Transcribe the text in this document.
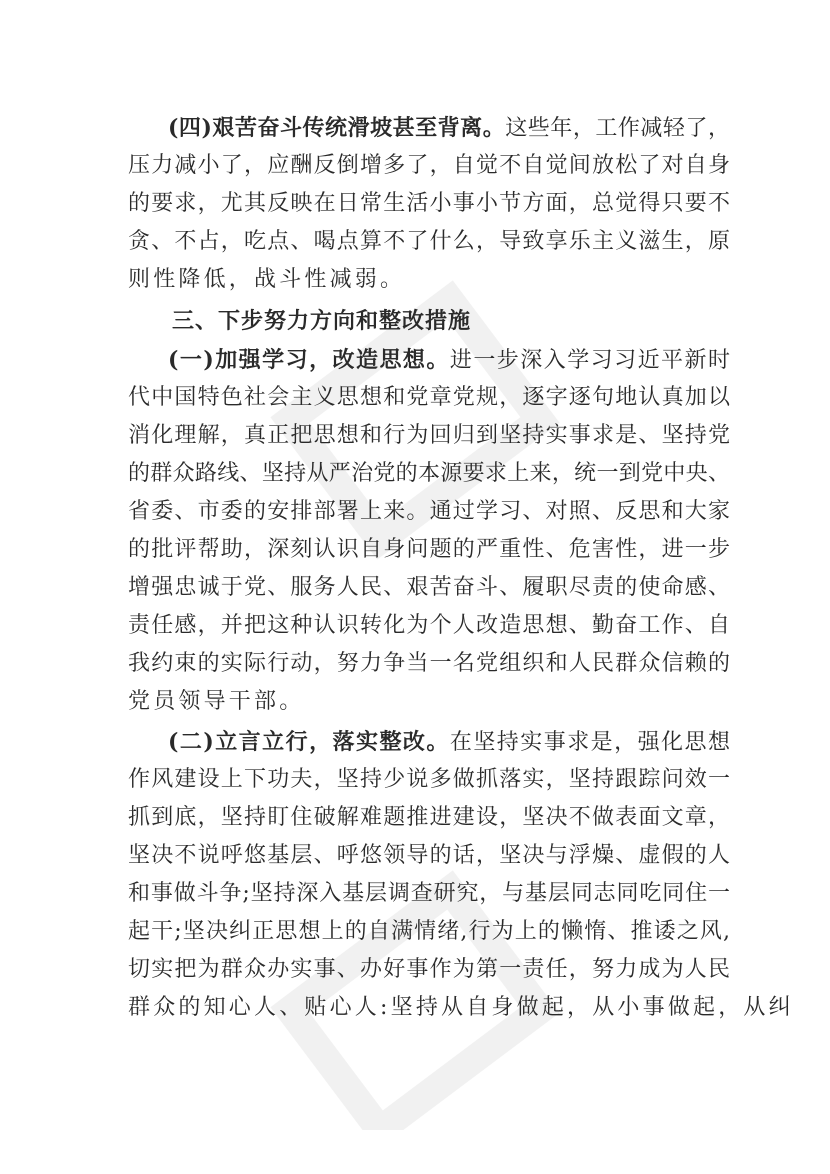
(四)艰苦奋斗传统滑坡甚至背离。这些年，工作减轻了，
压力减小了，应酬反倒增多了，自觉不自觉间放松了对自身
的要求，尤其反映在日常生活小事小节方面，总觉得只要不
贪、不占，吃点、喝点算不了什么，导致享乐主义滋生，原
则性降低，战斗性减弱。
(一)加强学习，改造思想。进一步深入学习习近平新时
代中国特色社会主义思想和党章党规，逐字逐句地认真加以
消化理解，真正把思想和行为回归到坚持实事求是、坚持党
的群众路线、坚持从严治党的本源要求上来，统一到党中央、
省委、市委的安排部署上来。通过学习、对照、反思和大家
的批评帮助，深刻认识自身问题的严重性、危害性，进一步
增强忠诚于党、服务人民、艰苦奋斗、履职尽责的使命感、
责任感，并把这种认识转化为个人改造思想、勤奋工作、自
我约束的实际行动，努力争当一名党组织和人民群众信赖的
党员领导干部。
(二)立言立行，落实整改。在坚持实事求是，强化思想
作风建设上下功夫，坚持少说多做抓落实，坚持跟踪问效一
抓到底，坚持盯住破解难题推进建设，坚决不做表面文章，
坚决不说呼悠基层、呼悠领导的话，坚决与浮燥、虚假的人
和事做斗争;坚持深入基层调查研究，与基层同志同吃同住一
起干;坚决纠正思想上的自满情绪,行为上的懒惰、推诿之风,
切实把为群众办实事、办好事作为第一责任，努力成为人民
群众的知心人、贴心人:坚持从自身做起，从小事做起，从纠
三、下步努力方向和整改措施
